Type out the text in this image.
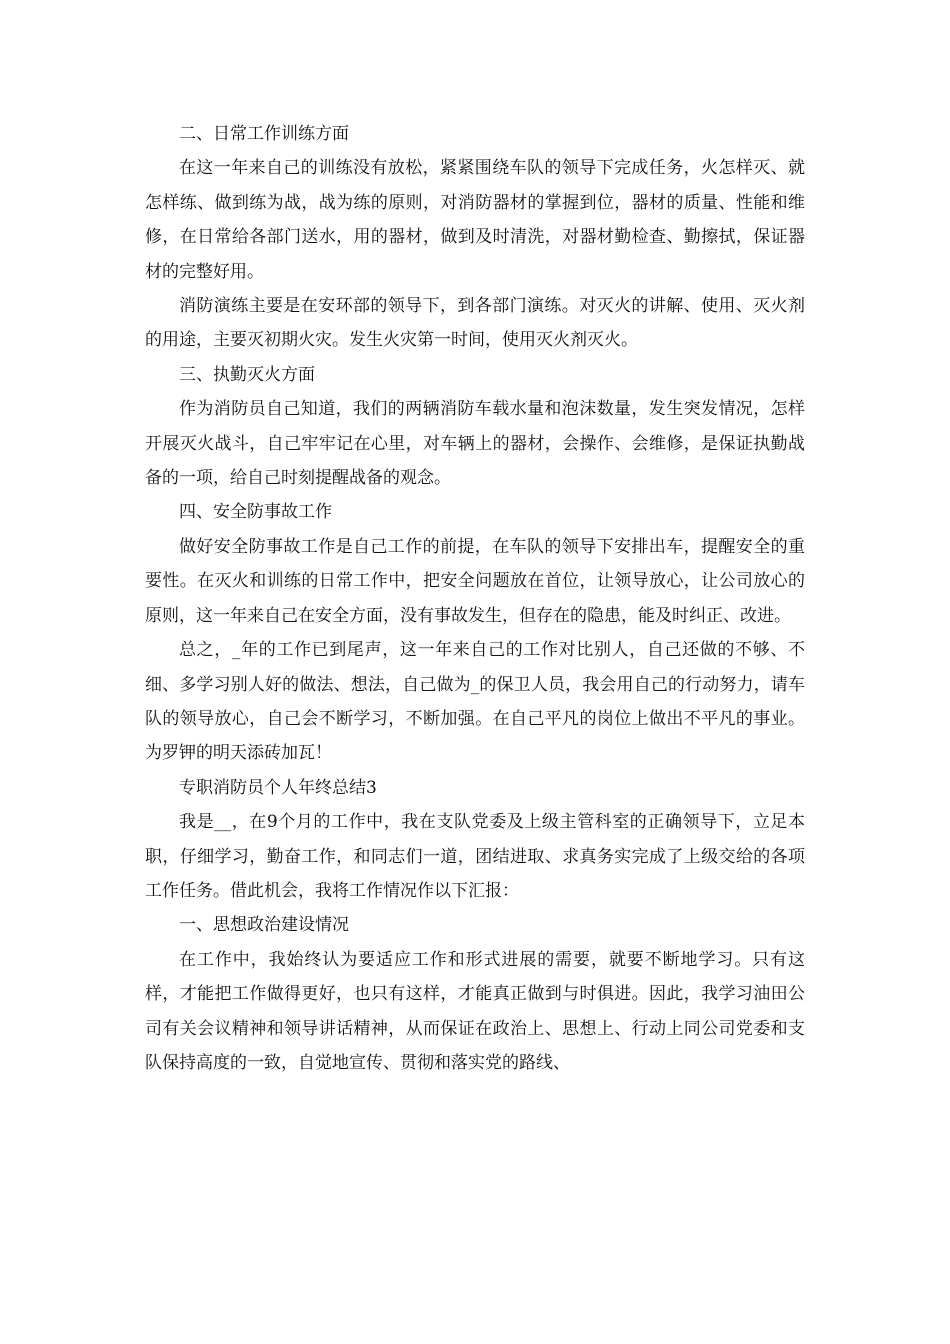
二、日常工作训练方面

在这一年来自己的训练没有放松，紧紧围绕车队的领导下完成任务，火怎样灭、就怎样练、做到练为战，战为练的原则，对消防器材的掌握到位，器材的质量、性能和维修，在日常给各部门送水，用的器材，做到及时清洗，对器材勤检查、勤擦拭，保证器材的完整好用。

消防演练主要是在安环部的领导下，到各部门演练。对灭火的讲解、使用、灭火剂的用途，主要灭初期火灾。发生火灾第一时间，使用灭火剂灭火。

三、执勤灭火方面

作为消防员自己知道，我们的两辆消防车载水量和泡沫数量，发生突发情况，怎样开展灭火战斗，自己牢牢记在心里，对车辆上的器材，会操作、会维修，是保证执勤战备的一项，给自己时刻提醒战备的观念。

四、安全防事故工作

做好安全防事故工作是自己工作的前提，在车队的领导下安排出车，提醒安全的重要性。在灭火和训练的日常工作中，把安全问题放在首位，让领导放心，让公司放心的原则，这一年来自己在安全方面，没有事故发生，但存在的隐患，能及时纠正、改进。

总之，_年的工作已到尾声，这一年来自己的工作对比别人，自己还做的不够、不细、多学习别人好的做法、想法，自己做为_的保卫人员，我会用自己的行动努力，请车队的领导放心，自己会不断学习，不断加强。在自己平凡的岗位上做出不平凡的事业。为罗钾的明天添砖加瓦！

专职消防员个人年终总结3

我是__，在9个月的工作中，我在支队党委及上级主管科室的正确领导下，立足本职，仔细学习，勤奋工作，和同志们一道，团结进取、求真务实完成了上级交给的各项工作任务。借此机会，我将工作情况作以下汇报：

一、思想政治建设情况

在工作中，我始终认为要适应工作和形式进展的需要，就要不断地学习。只有这样，才能把工作做得更好，也只有这样，才能真正做到与时俱进。因此，我学习油田公司有关会议精神和领导讲话精神，从而保证在政治上、思想上、行动上同公司党委和支队保持高度的一致，自觉地宣传、贯彻和落实党的路线、
